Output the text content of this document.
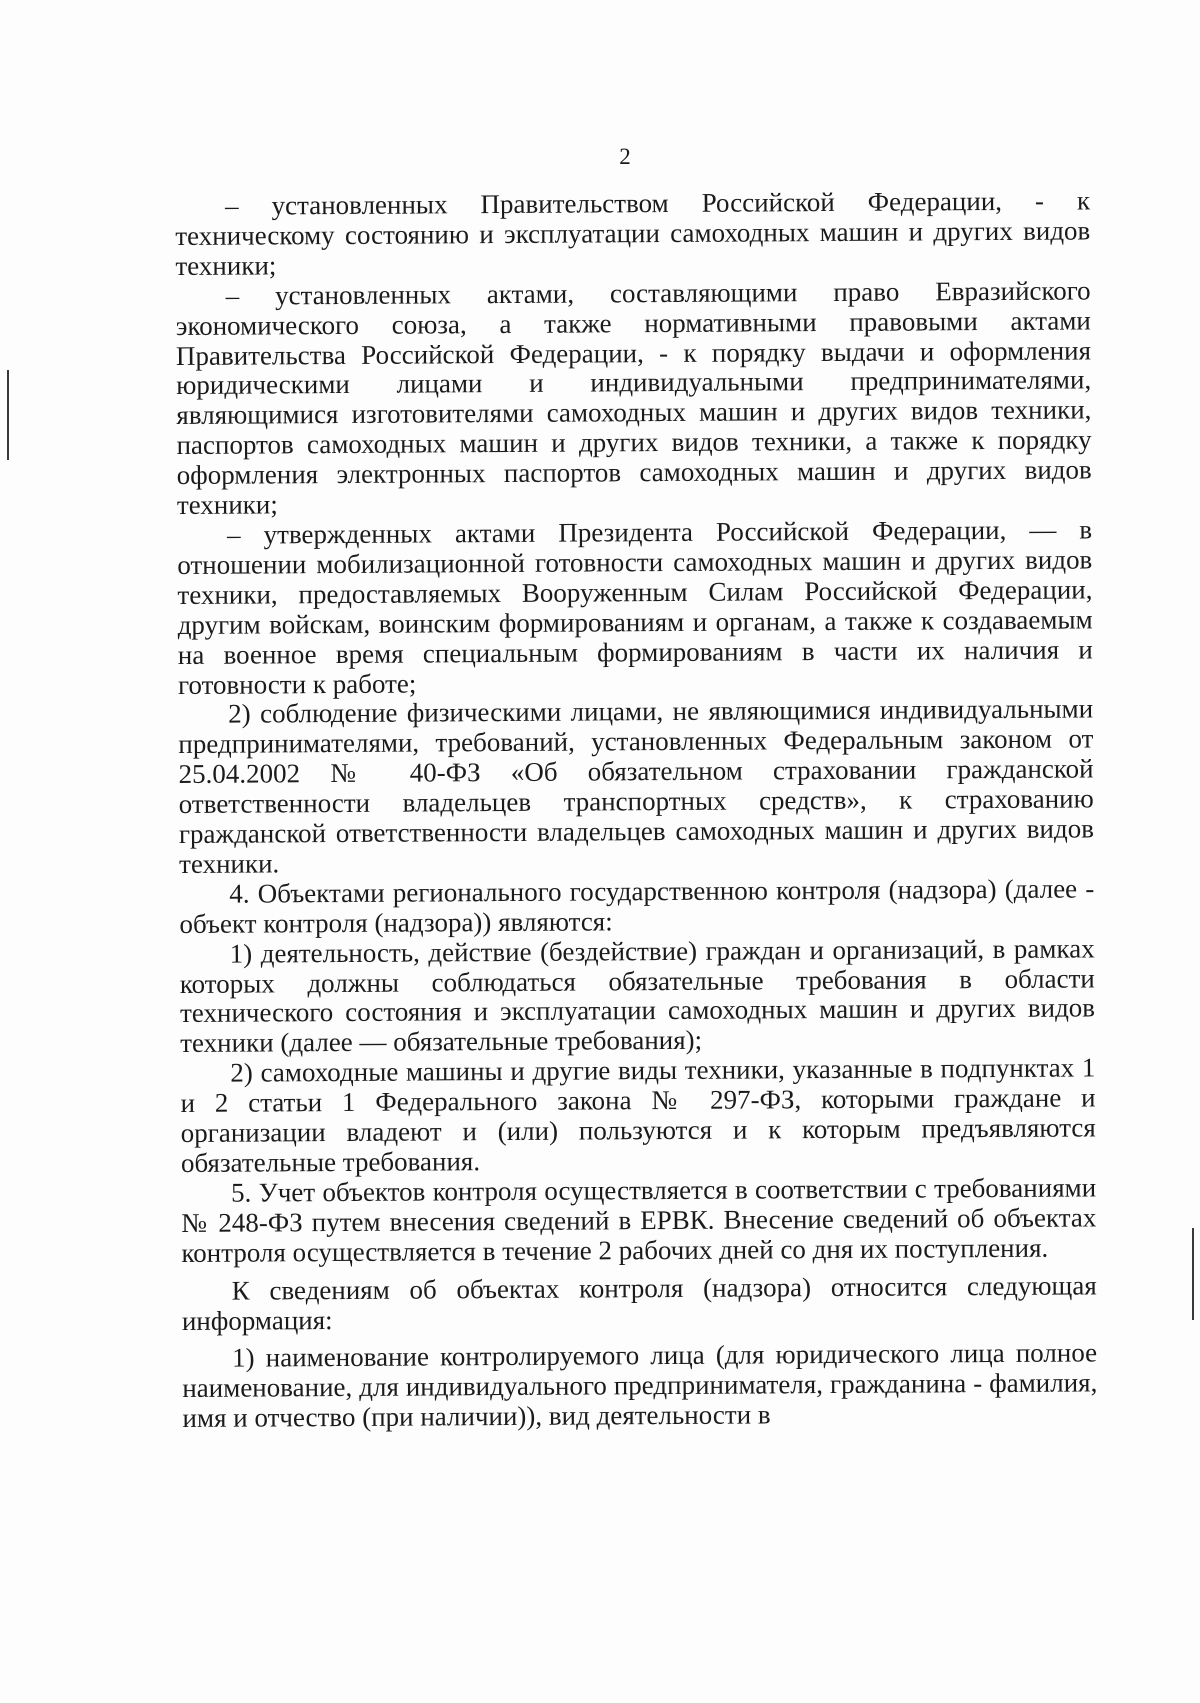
2

– установленных Правительством Российской Федерации, - к техническому состоянию и эксплуатации самоходных машин и других видов техники;

– установленных актами, составляющими право Евразийского экономического союза, а также нормативными правовыми актами Правительства Российской Федерации, - к порядку выдачи и оформления юридическими лицами и индивидуальными предпринимателями, являющимися изготовителями самоходных машин и других видов техники, паспортов самоходных машин и других видов техники, а также к порядку оформления электронных паспортов самоходных машин и других видов техники;

– утвержденных актами Президента Российской Федерации, — в отношении мобилизационной готовности самоходных машин и других видов техники, предоставляемых Вооруженным Силам Российской Федерации, другим войскам, воинским формированиям и органам, а также к создаваемым на военное время специальным формированиям в части их наличия и готовности к работе;

2) соблюдение физическими лицами, не являющимися индивидуальными предпринимателями, требований, установленных Федеральным законом от 25.04.2002 № 40-ФЗ «Об обязательном страховании гражданской ответственности владельцев транспортных средств», к страхованию гражданской ответственности владельцев самоходных машин и других видов техники.

4. Объектами регионального государственною контроля (надзора) (далее - объект контроля (надзора)) являются:

1) деятельность, действие (бездействие) граждан и организаций, в рамках которых должны соблюдаться обязательные требования в области технического состояния и эксплуатации самоходных машин и других видов техники (далее — обязательные требования);

2) самоходные машины и другие виды техники, указанные в подпунктах 1 и 2 статьи 1 Федерального закона № 297-ФЗ, которыми граждане и организации владеют и (или) пользуются и к которым предъявляются обязательные требования.

5. Учет объектов контроля осуществляется в соответствии с требованиями № 248-ФЗ путем внесения сведений в ЕРВК. Внесение сведений об объектах контроля осуществляется в течение 2 рабочих дней со дня их поступления.

К сведениям об объектах контроля (надзора) относится следующая информация:

1) наименование контролируемого лица (для юридического лица полное наименование, для индивидуального предпринимателя, гражданина - фамилия, имя и отчество (при наличии)), вид деятельности в
